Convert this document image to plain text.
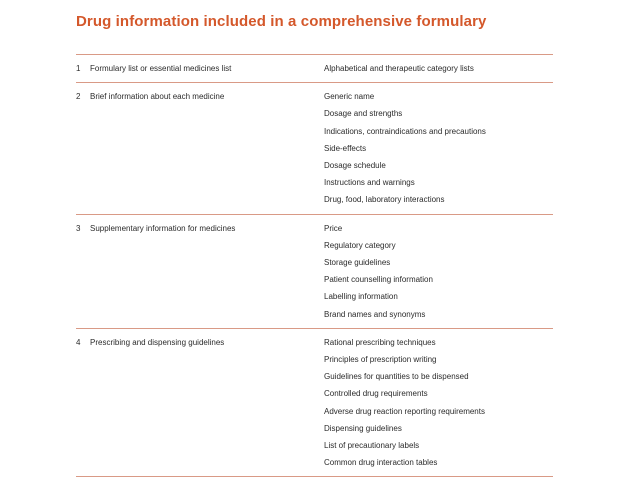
Drug information included in a comprehensive formulary
1 Formulary list or essential medicines list	Alphabetical and therapeutic category lists
2 Brief information about each medicine	Generic name
Dosage and strengths
Indications, contraindications and precautions
Side-effects
Dosage schedule
Instructions and warnings
Drug, food, laboratory interactions
3 Supplementary information for medicines	Price
Regulatory category
Storage guidelines
Patient counselling information
Labelling information
Brand names and synonyms
4 Prescribing and dispensing guidelines	Rational prescribing techniques
Principles of prescription writing
Guidelines for quantities to be dispensed
Controlled drug requirements
Adverse drug reaction reporting requirements
Dispensing guidelines
List of precautionary labels
Common drug interaction tables
